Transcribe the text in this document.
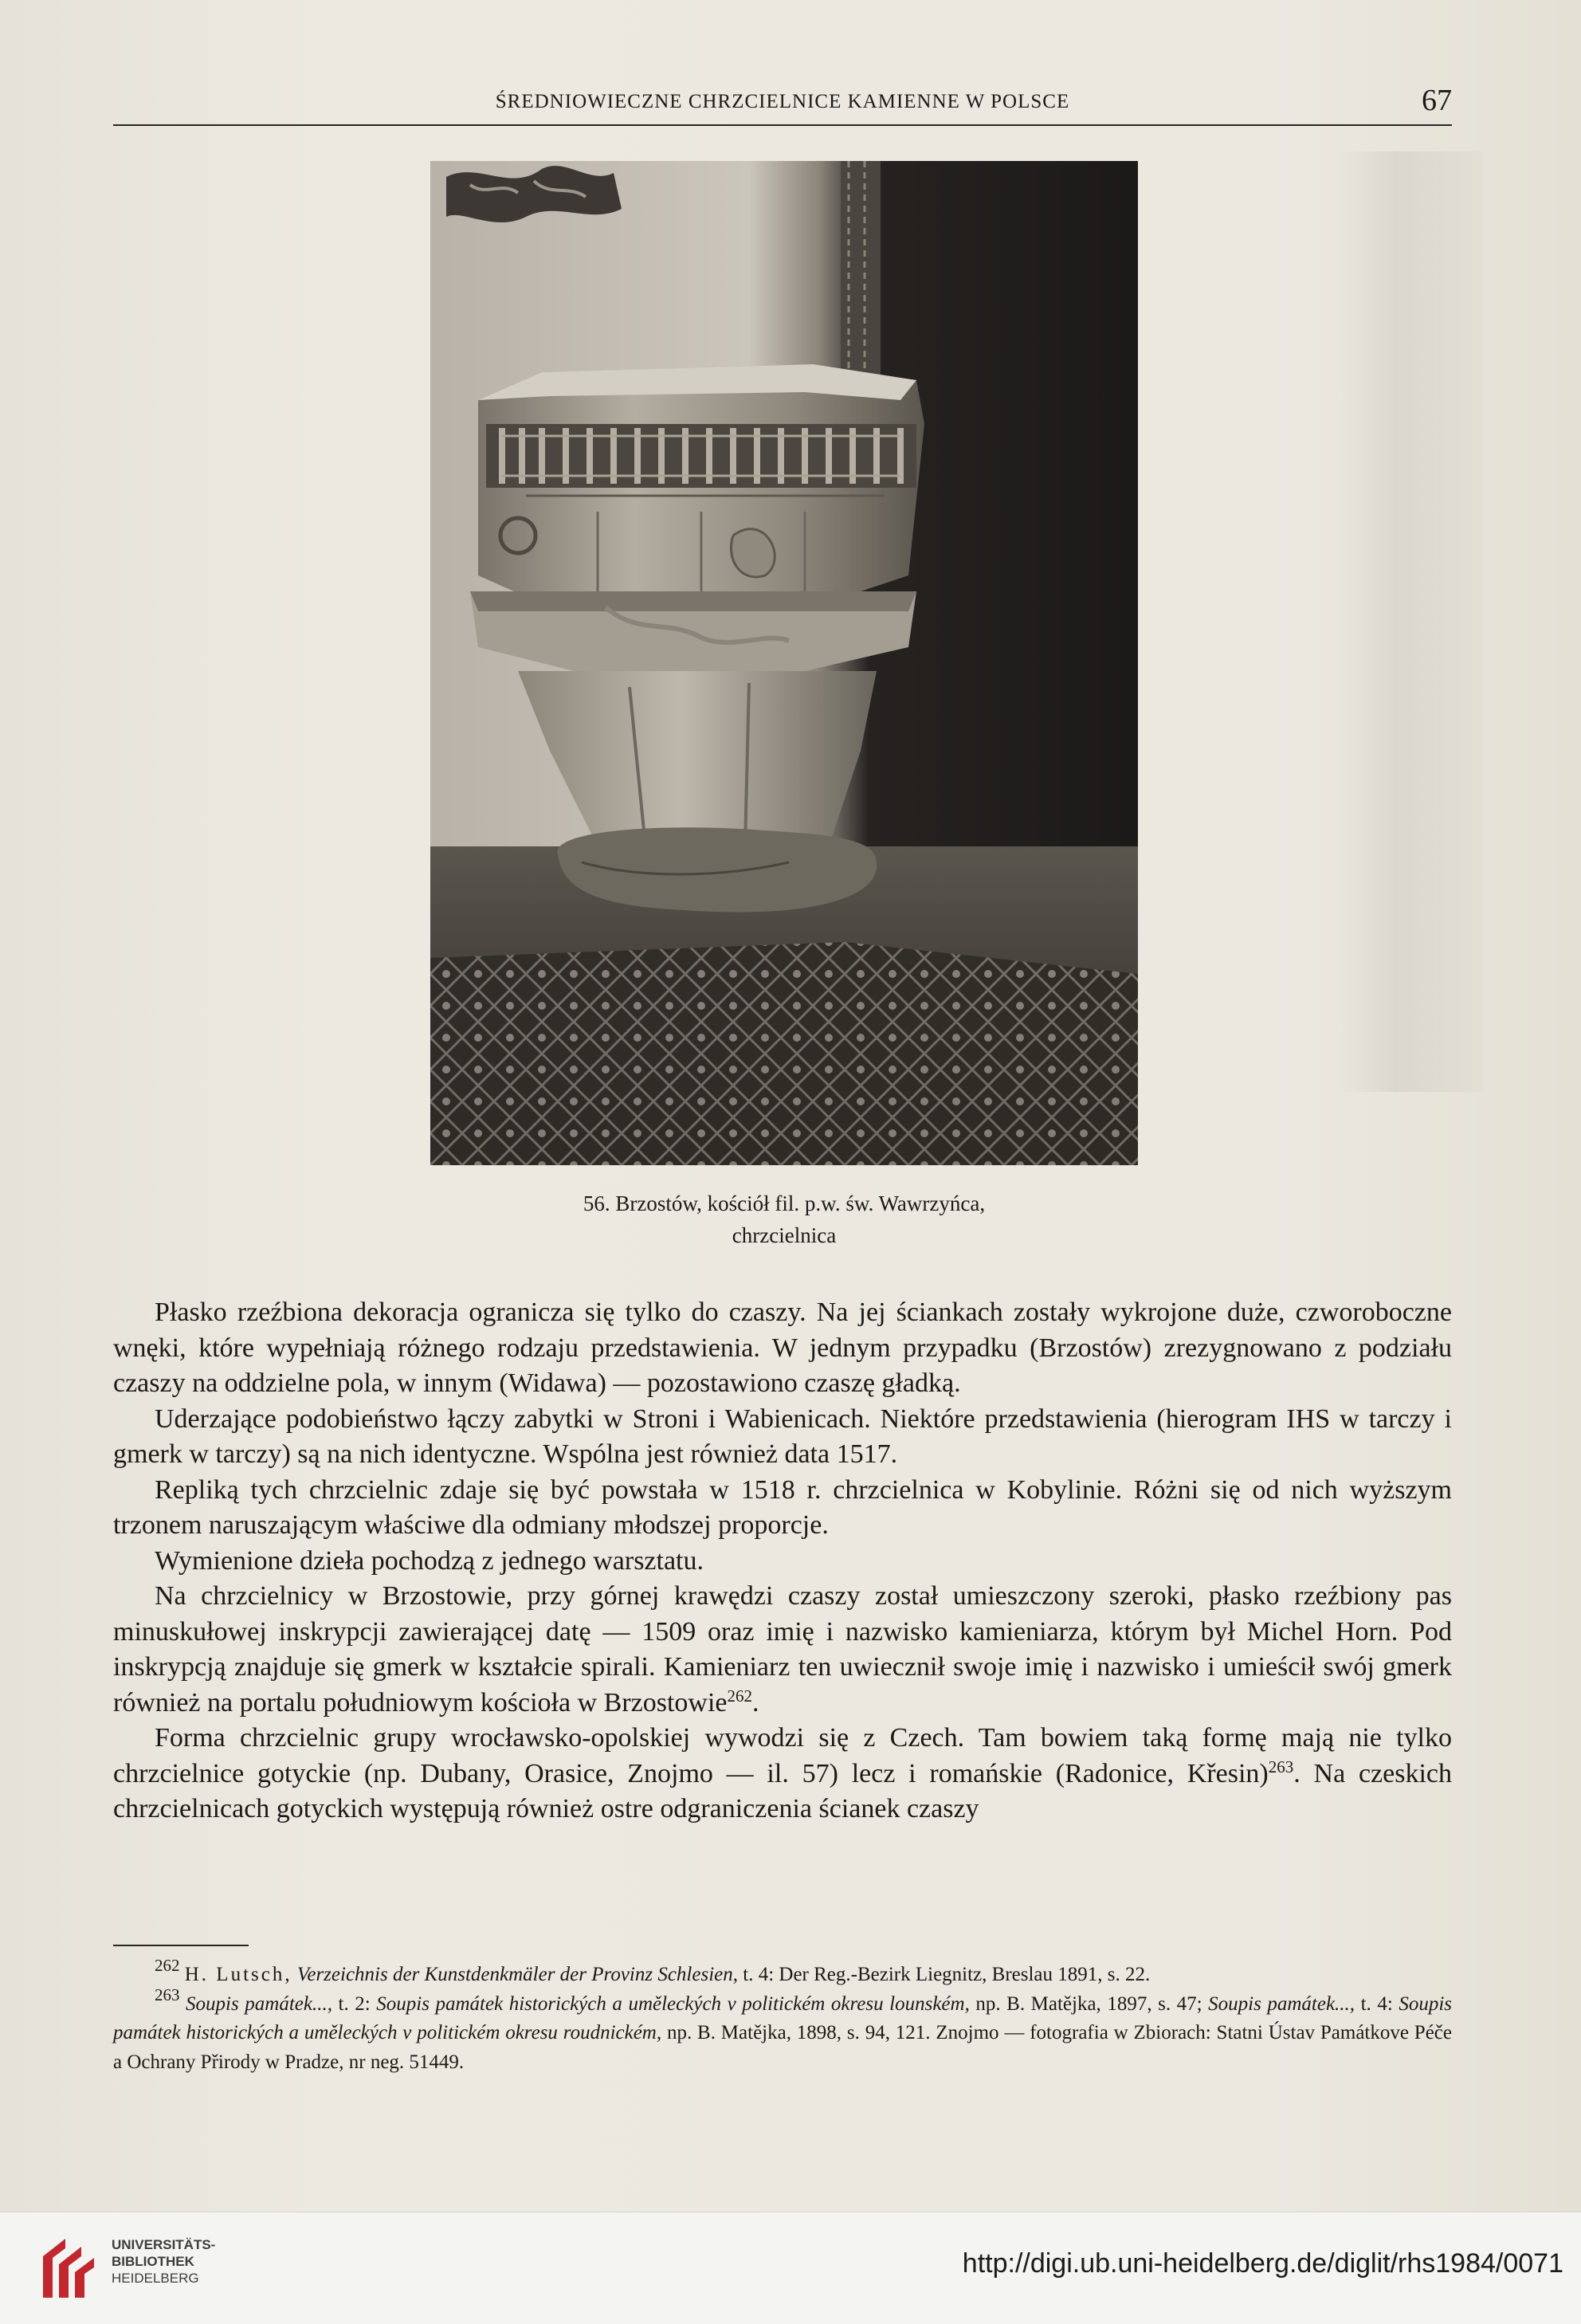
ŚREDNIOWIECZNE CHRZCIELNICE KAMIENNE W POLSCE	67
56. Brzostów, kościół fil. p.w. św. Wawrzyńca,
chrzcielnica

Płasko rzeźbiona dekoracja ogranicza się tylko do czaszy. Na jej ściankach zostały wykrojone duże, czworoboczne wnęki, które wypełniają różnego rodzaju przedstawienia. W jednym przypadku (Brzostów) zrezygnowano z podziału czaszy na oddzielne pola, w innym (Widawa) — pozostawiono czaszę gładką.

Uderzające podobieństwo łączy zabytki w Stroni i Wabienicach. Niektóre przedstawienia (hierogram IHS w tarczy i gmerk w tarczy) są na nich identyczne. Wspólna jest również data 1517.

Repliką tych chrzcielnic zdaje się być powstała w 1518 r. chrzcielnica w Kobylinie. Różni się od nich wyższym trzonem naruszającym właściwe dla odmiany młodszej proporcje.

Wymienione dzieła pochodzą z jednego warsztatu.

Na chrzcielnicy w Brzostowie, przy górnej krawędzi czaszy został umieszczony szeroki, płasko rzeźbiony pas minuskułowej inskrypcji zawierającej datę — 1509 oraz imię i nazwisko kamieniarza, którym był Michel Horn. Pod inskrypcją znajduje się gmerk w kształcie spirali. Kamieniarz ten uwiecznił swoje imię i nazwisko i umieścił swój gmerk również na portalu południowym kościoła w Brzostowie$^{262}$.

Forma chrzcielnic grupy wrocławsko-opolskiej wywodzi się z Czech. Tam bowiem taką formę mają nie tylko chrzcielnice gotyckie (np. Dubany, Orasice, Znojmo — il. 57) lecz i romańskie (Radonice, Křesin)$^{263}$. Na czeskich chrzcielnicach gotyckich występują również ostre odgraniczenia ścianek czaszy

$^{262}$ H. Lutsch, Verzeichnis der Kunstdenkmäler der Provinz Schlesien, t. 4: Der Reg.-Bezirk Liegnitz, Breslau 1891, s. 22.

$^{263}$ Soupis památek..., t. 2: Soupis památek historických a uměleckých v politickém okresu lounském, np. B. Matějka, 1897, s. 47; Soupis památek..., t. 4: Soupis památek historických a uměleckých v politickém okresu roudnickém, np. B. Matějka, 1898, s. 94, 121. Znojmo — fotografia w Zbiorach: Statni Ústav Památkove Péče a Ochrany Přirody w Pradze, nr neg. 51449.

UNIVERSITÄTS-
BIBLIOTHEK
HEIDELBERG	http://digi.ub.uni-heidelberg.de/diglit/rhs1984/0071
